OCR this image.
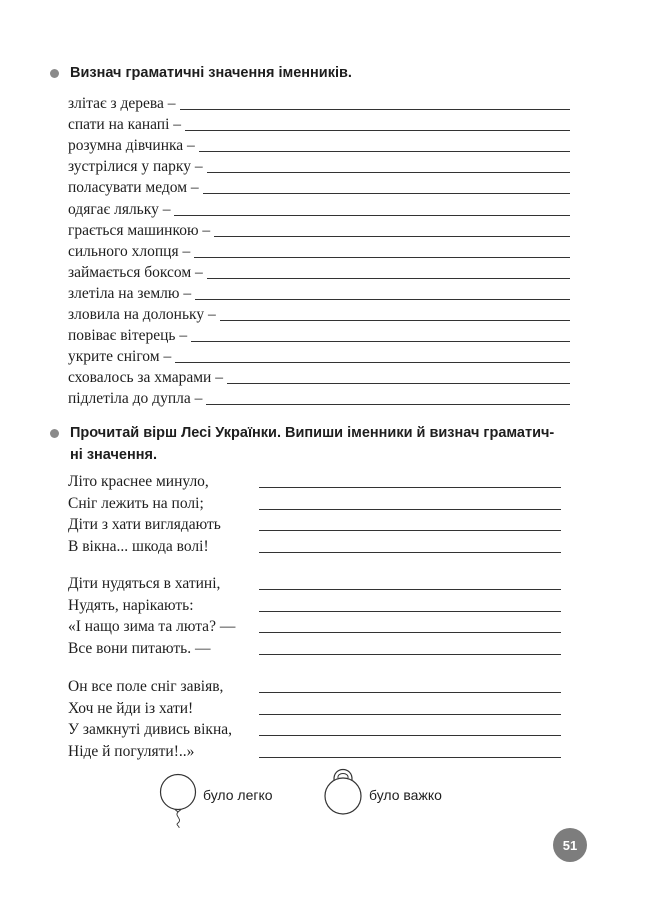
Визнач граматичні значення іменників.
злітає з дерева –
спати на канапі –
розумна дівчинка –
зустрілися у парку –
поласувати медом –
одягає ляльку –
грається машинкою –
сильного хлопця –
займається боксом –
злетіла на землю –
зловила на долоньку –
повіває вітерець –
укрите снігом –
сховалось за хмарами –
підлетіла до дупла –
Прочитай вірш Лесі Українки. Випиши іменники й визнач граматич-
ні значення.
Літо краснее минуло,
Сніг лежить на полі;
Діти з хати виглядають
В вікна... шкода волі!
Діти нудяться в хатині,
Нудять, нарікають:
«І нащо зима та люта? —
Все вони питають. —
Он все поле сніг завіяв,
Хоч не йди із хати!
У замкнуті дивись вікна,
Ніде й погуляти!..»
було легко	було важко
51
